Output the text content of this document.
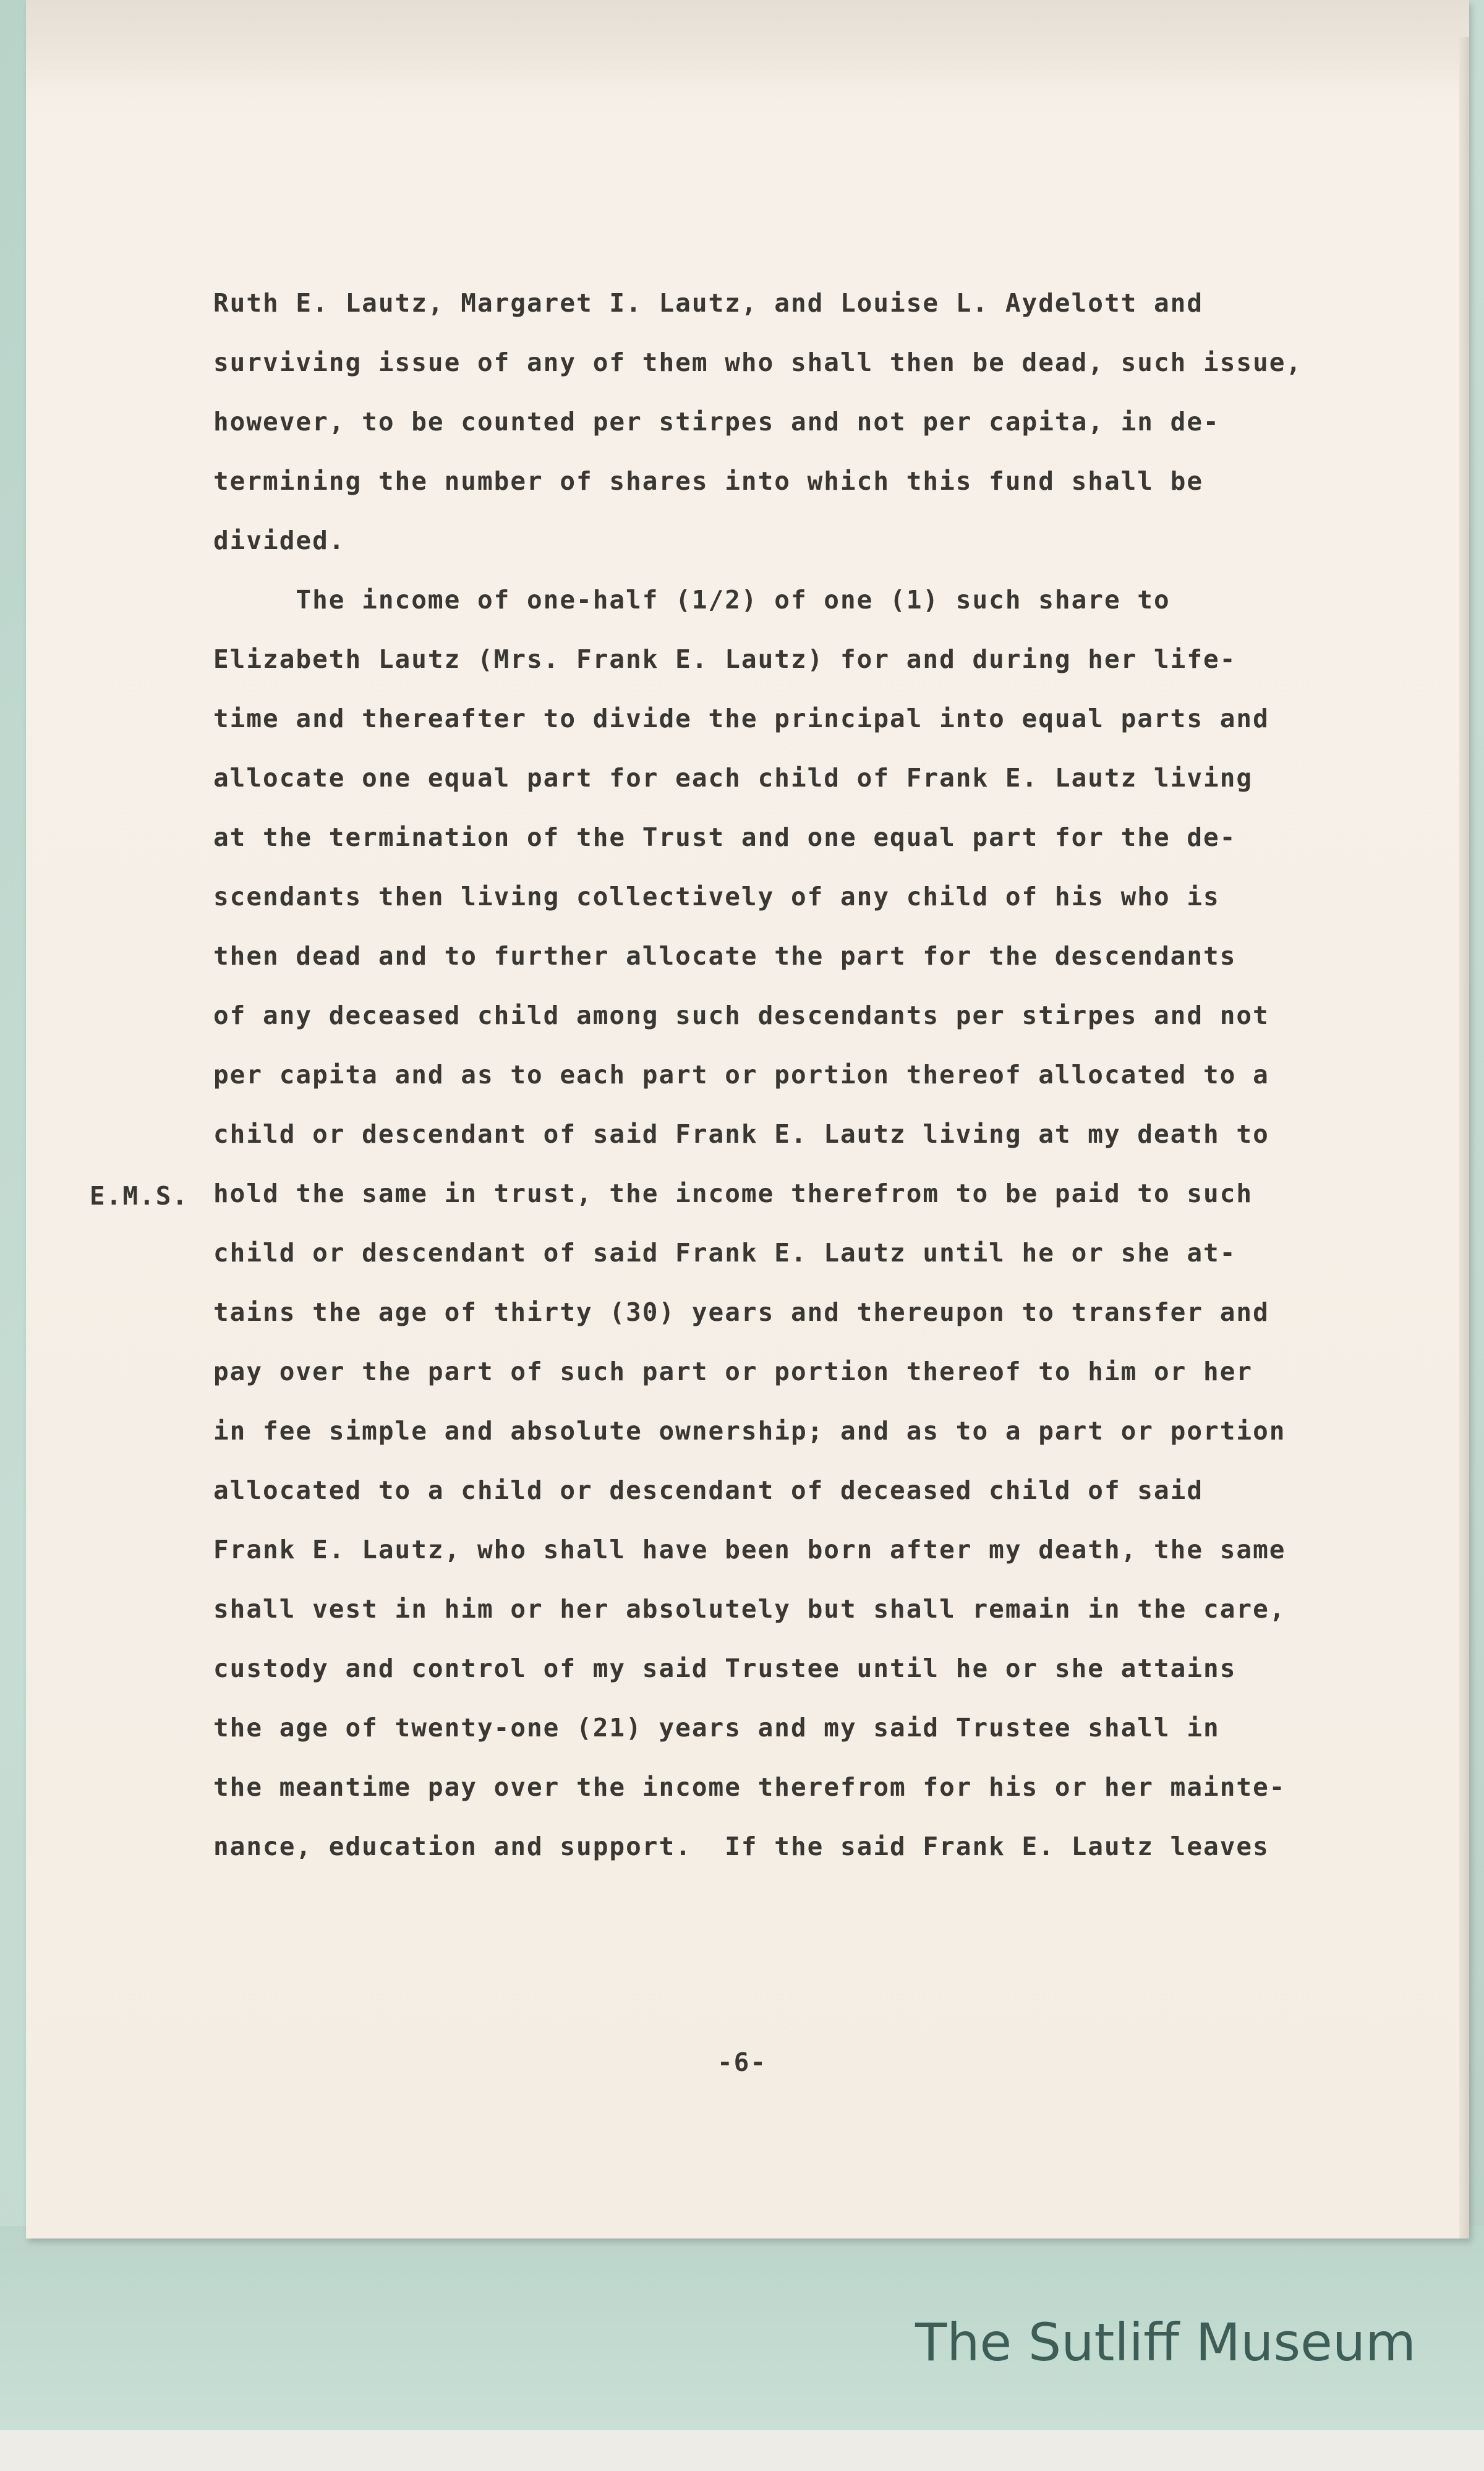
Ruth E. Lautz, Margaret I. Lautz, and Louise L. Aydelott and
surviving issue of any of them who shall then be dead, such issue,
however, to be counted per stirpes and not per capita, in de-
termining the number of shares into which this fund shall be
divided.
The income of one-half (1/2) of one (1) such share to
Elizabeth Lautz (Mrs. Frank E. Lautz) for and during her life-
time and thereafter to divide the principal into equal parts and
allocate one equal part for each child of Frank E. Lautz living
at the termination of the Trust and one equal part for the de-
scendants then living collectively of any child of his who is
then dead and to further allocate the part for the descendants
of any deceased child among such descendants per stirpes and not
per capita and as to each part or portion thereof allocated to a
child or descendant of said Frank E. Lautz living at my death to
hold the same in trust, the income therefrom to be paid to such
child or descendant of said Frank E. Lautz until he or she at-
tains the age of thirty (30) years and thereupon to transfer and
pay over the part of such part or portion thereof to him or her
in fee simple and absolute ownership; and as to a part or portion
allocated to a child or descendant of deceased child of said
Frank E. Lautz, who shall have been born after my death, the same
shall vest in him or her absolutely but shall remain in the care,
custody and control of my said Trustee until he or she attains
the age of twenty-one (21) years and my said Trustee shall in
the meantime pay over the income therefrom for his or her mainte-
nance, education and support.  If the said Frank E. Lautz leaves
E.M.S.
-6-
The Sutliff Museum
